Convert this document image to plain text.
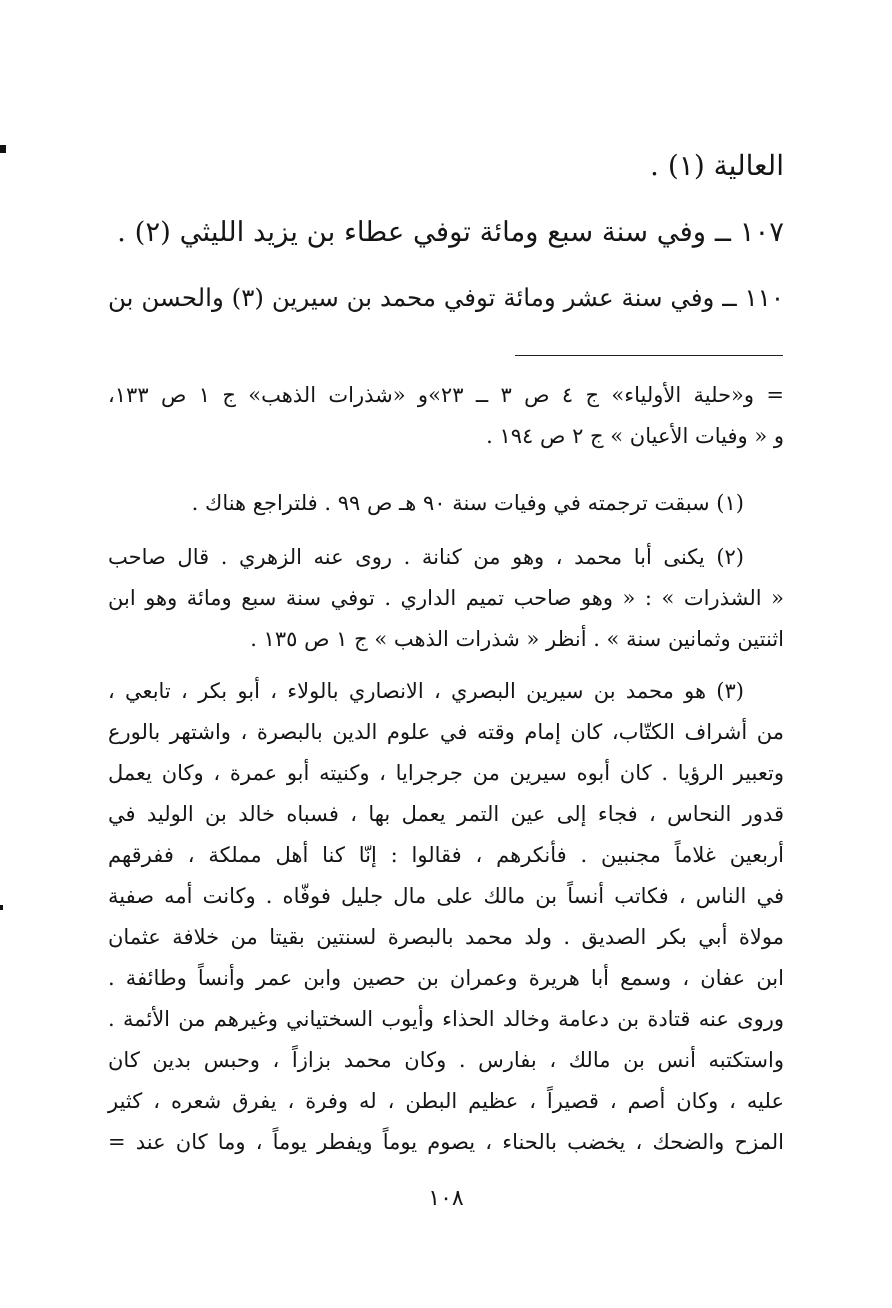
العالية (١) .
١٠٧ ــ وفي سنة سبع ومائة توفي عطاء بن يزيد الليثي (٢) .
١١٠ ــ وفي سنة عشر ومائة توفي محمد بن سيرين (٣) والحسن بن
= و«حلية الأولياء» ج ٤ ص ٣ ــ ٢٣»و «شذرات الذهب» ج ١ ص ١٣٣،
و « وفيات الأعيان » ج ٢ ص ١٩٤ .
(١) سبقت ترجمته في وفيات سنة ٩٠ هـ ص ٩٩ . فلتراجع هناك .
(٢) يكنى أبا محمد ، وهو من كنانة . روى عنه الزهري . قال صاحب
« الشذرات » : « وهو صاحب تميم الداري . توفي سنة سبع ومائة وهو ابن
اثنتين وثمانين سنة » . أنظر « شذرات الذهب » ج ١ ص ١٣٥ .
(٣) هو محمد بن سيرين البصري ، الانصاري بالولاء ، أبو بكر ، تابعي ،
من أشراف الكتّاب، كان إمام وقته في علوم الدين بالبصرة ، واشتهر بالورع
وتعبير الرؤيا . كان أبوه سيرين من جرجرايا ، وكنيته أبو عمرة ، وكان يعمل
قدور النحاس ، فجاء إلى عين التمر يعمل بها ، فسباه خالد بن الوليد في
أربعين غلاماً مجنبين . فأنكرهم ، فقالوا : إنّا كنا أهل مملكة ، ففرقهم
في الناس ، فكاتب أنساً بن مالك على مال جليل فوفّاه . وكانت أمه صفية
مولاة أبي بكر الصديق . ولد محمد بالبصرة لسنتين بقيتا من خلافة عثمان
ابن عفان ، وسمع أبا هريرة وعمران بن حصين وابن عمر وأنساً وطائفة .
وروى عنه قتادة بن دعامة وخالد الحذاء وأيوب السختياني وغيرهم من الأئمة .
واستكتبه أنس بن مالك ، بفارس . وكان محمد بزازاً ، وحبس بدين كان
عليه ، وكان أصم ، قصيراً ، عظيم البطن ، له وفرة ، يفرق شعره ، كثير
المزح والضحك ، يخضب بالحناء ، يصوم يوماً ويفطر يوماً ، وما كان عند =
١٠٨
